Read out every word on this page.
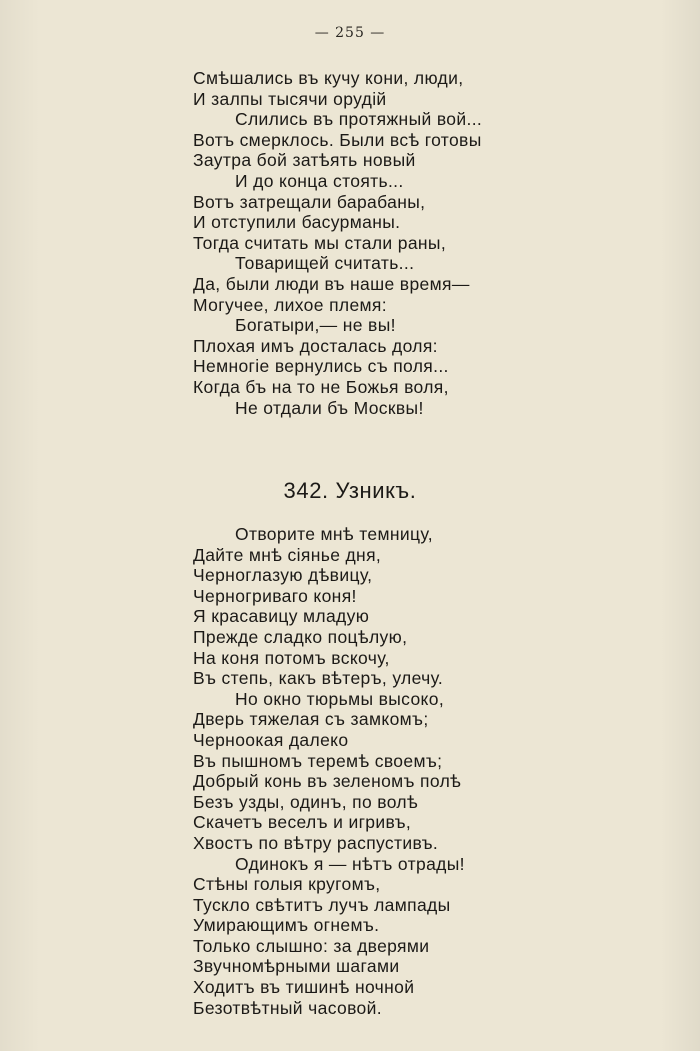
— 255 —
Смѣшались въ кучу кони, люди,
И залпы тысячи орудій
Слились въ протяжный вой...
Вотъ смерклось. Были всѣ готовы
Заутра бой затѣять новый
И до конца стоять...
Вотъ затрещали барабаны,
И отступили басурманы.
Тогда считать мы стали раны,
Товарищей считать...
Да, были люди въ наше время—
Могучее, лихое племя:
Богатыри,— не вы!
Плохая имъ досталась доля:
Немногіе вернулись съ поля...
Когда бъ на то не Божья воля,
Не отдали бъ Москвы!
342. Узникъ.
Отворите мнѣ темницу,
Дайте мнѣ сіянье дня,
Черноглазую дѣвицу,
Черногриваго коня!
Я красавицу младую
Прежде сладко поцѣлую,
На коня потомъ вскочу,
Въ степь, какъ вѣтеръ, улечу.
Но окно тюрьмы высоко,
Дверь тяжелая съ замкомъ;
Черноокая далеко
Въ пышномъ теремѣ своемъ;
Добрый конь въ зеленомъ полѣ
Безъ узды, одинъ, по волѣ
Скачетъ веселъ и игривъ,
Хвостъ по вѣтру распустивъ.
Одинокъ я — нѣтъ отрады!
Стѣны голыя кругомъ,
Тускло свѣтитъ лучъ лампады
Умирающимъ огнемъ.
Только слышно: за дверями
Звучномѣрными шагами
Ходитъ въ тишинѣ ночной
Безотвѣтный часовой.
